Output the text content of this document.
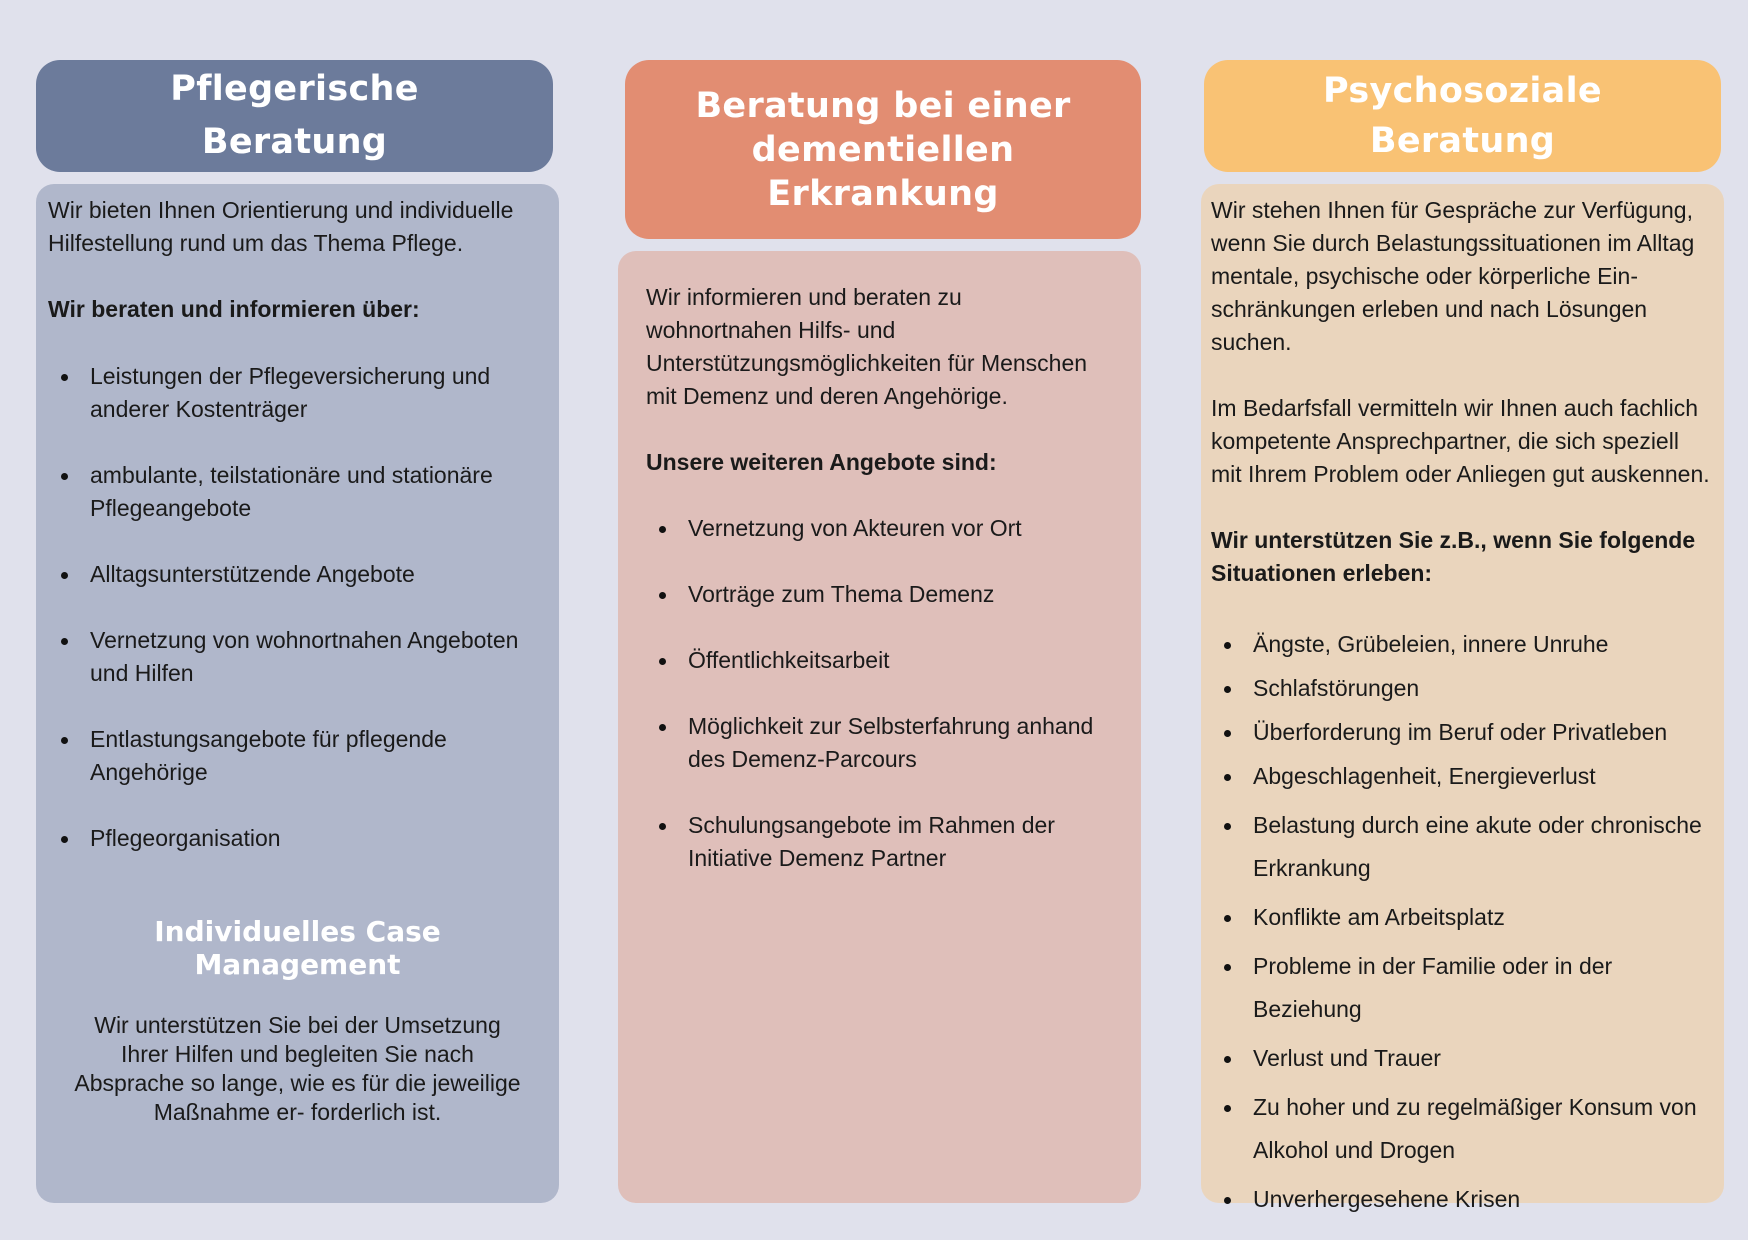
Pflegerische
Beratung

Wir bieten Ihnen Orientierung und individuelle Hilfestellung rund um das Thema Pflege.

Wir beraten und informieren über:

Leistungen der Pflegeversicherung und anderer Kostenträger
ambulante, teilstationäre und stationäre Pflegeangebote
Alltagsunterstützende Angebote
Vernetzung von wohnortnahen Angeboten und Hilfen
Entlastungsangebote für pflegende Angehörige
Pflegeorganisation

Individuelles Case Management

Wir unterstützen Sie bei der Umsetzung Ihrer Hilfen und begleiten Sie nach Absprache so lange, wie es für die jeweilige Maßnahme er- forderlich ist.

Beratung bei einer
dementiellen
Erkrankung

Wir informieren und beraten zu wohnortnahen Hilfs- und Unterstützungsmöglichkeiten für Menschen mit Demenz und deren Angehörige.

Unsere weiteren Angebote sind:

Vernetzung von Akteuren vor Ort
Vorträge zum Thema Demenz
Öffentlichkeitsarbeit
Möglichkeit zur Selbsterfahrung anhand des Demenz-Parcours
Schulungsangebote im Rahmen der Initiative Demenz Partner
Psychosoziale
Beratung

Wir stehen Ihnen für Gespräche zur Verfügung, wenn Sie durch Belastungssituationen im Alltag mentale, psychische oder körperliche Ein- schränkungen erleben und nach Lösungen suchen.

Im Bedarfsfall vermitteln wir Ihnen auch fachlich kompetente Ansprechpartner, die sich speziell mit Ihrem Problem oder Anliegen gut auskennen.

Wir unterstützen Sie z.B., wenn Sie folgende Situationen erleben:

Ängste, Grübeleien, innere Unruhe
Schlafstörungen
Überforderung im Beruf oder Privatleben
Abgeschlagenheit, Energieverlust
Belastung durch eine akute oder chronische Erkrankung
Konflikte am Arbeitsplatz
Probleme in der Familie oder in der Beziehung
Verlust und Trauer
Zu hoher und zu regelmäßiger Konsum von Alkohol und Drogen
Unverhergesehene Krisen
